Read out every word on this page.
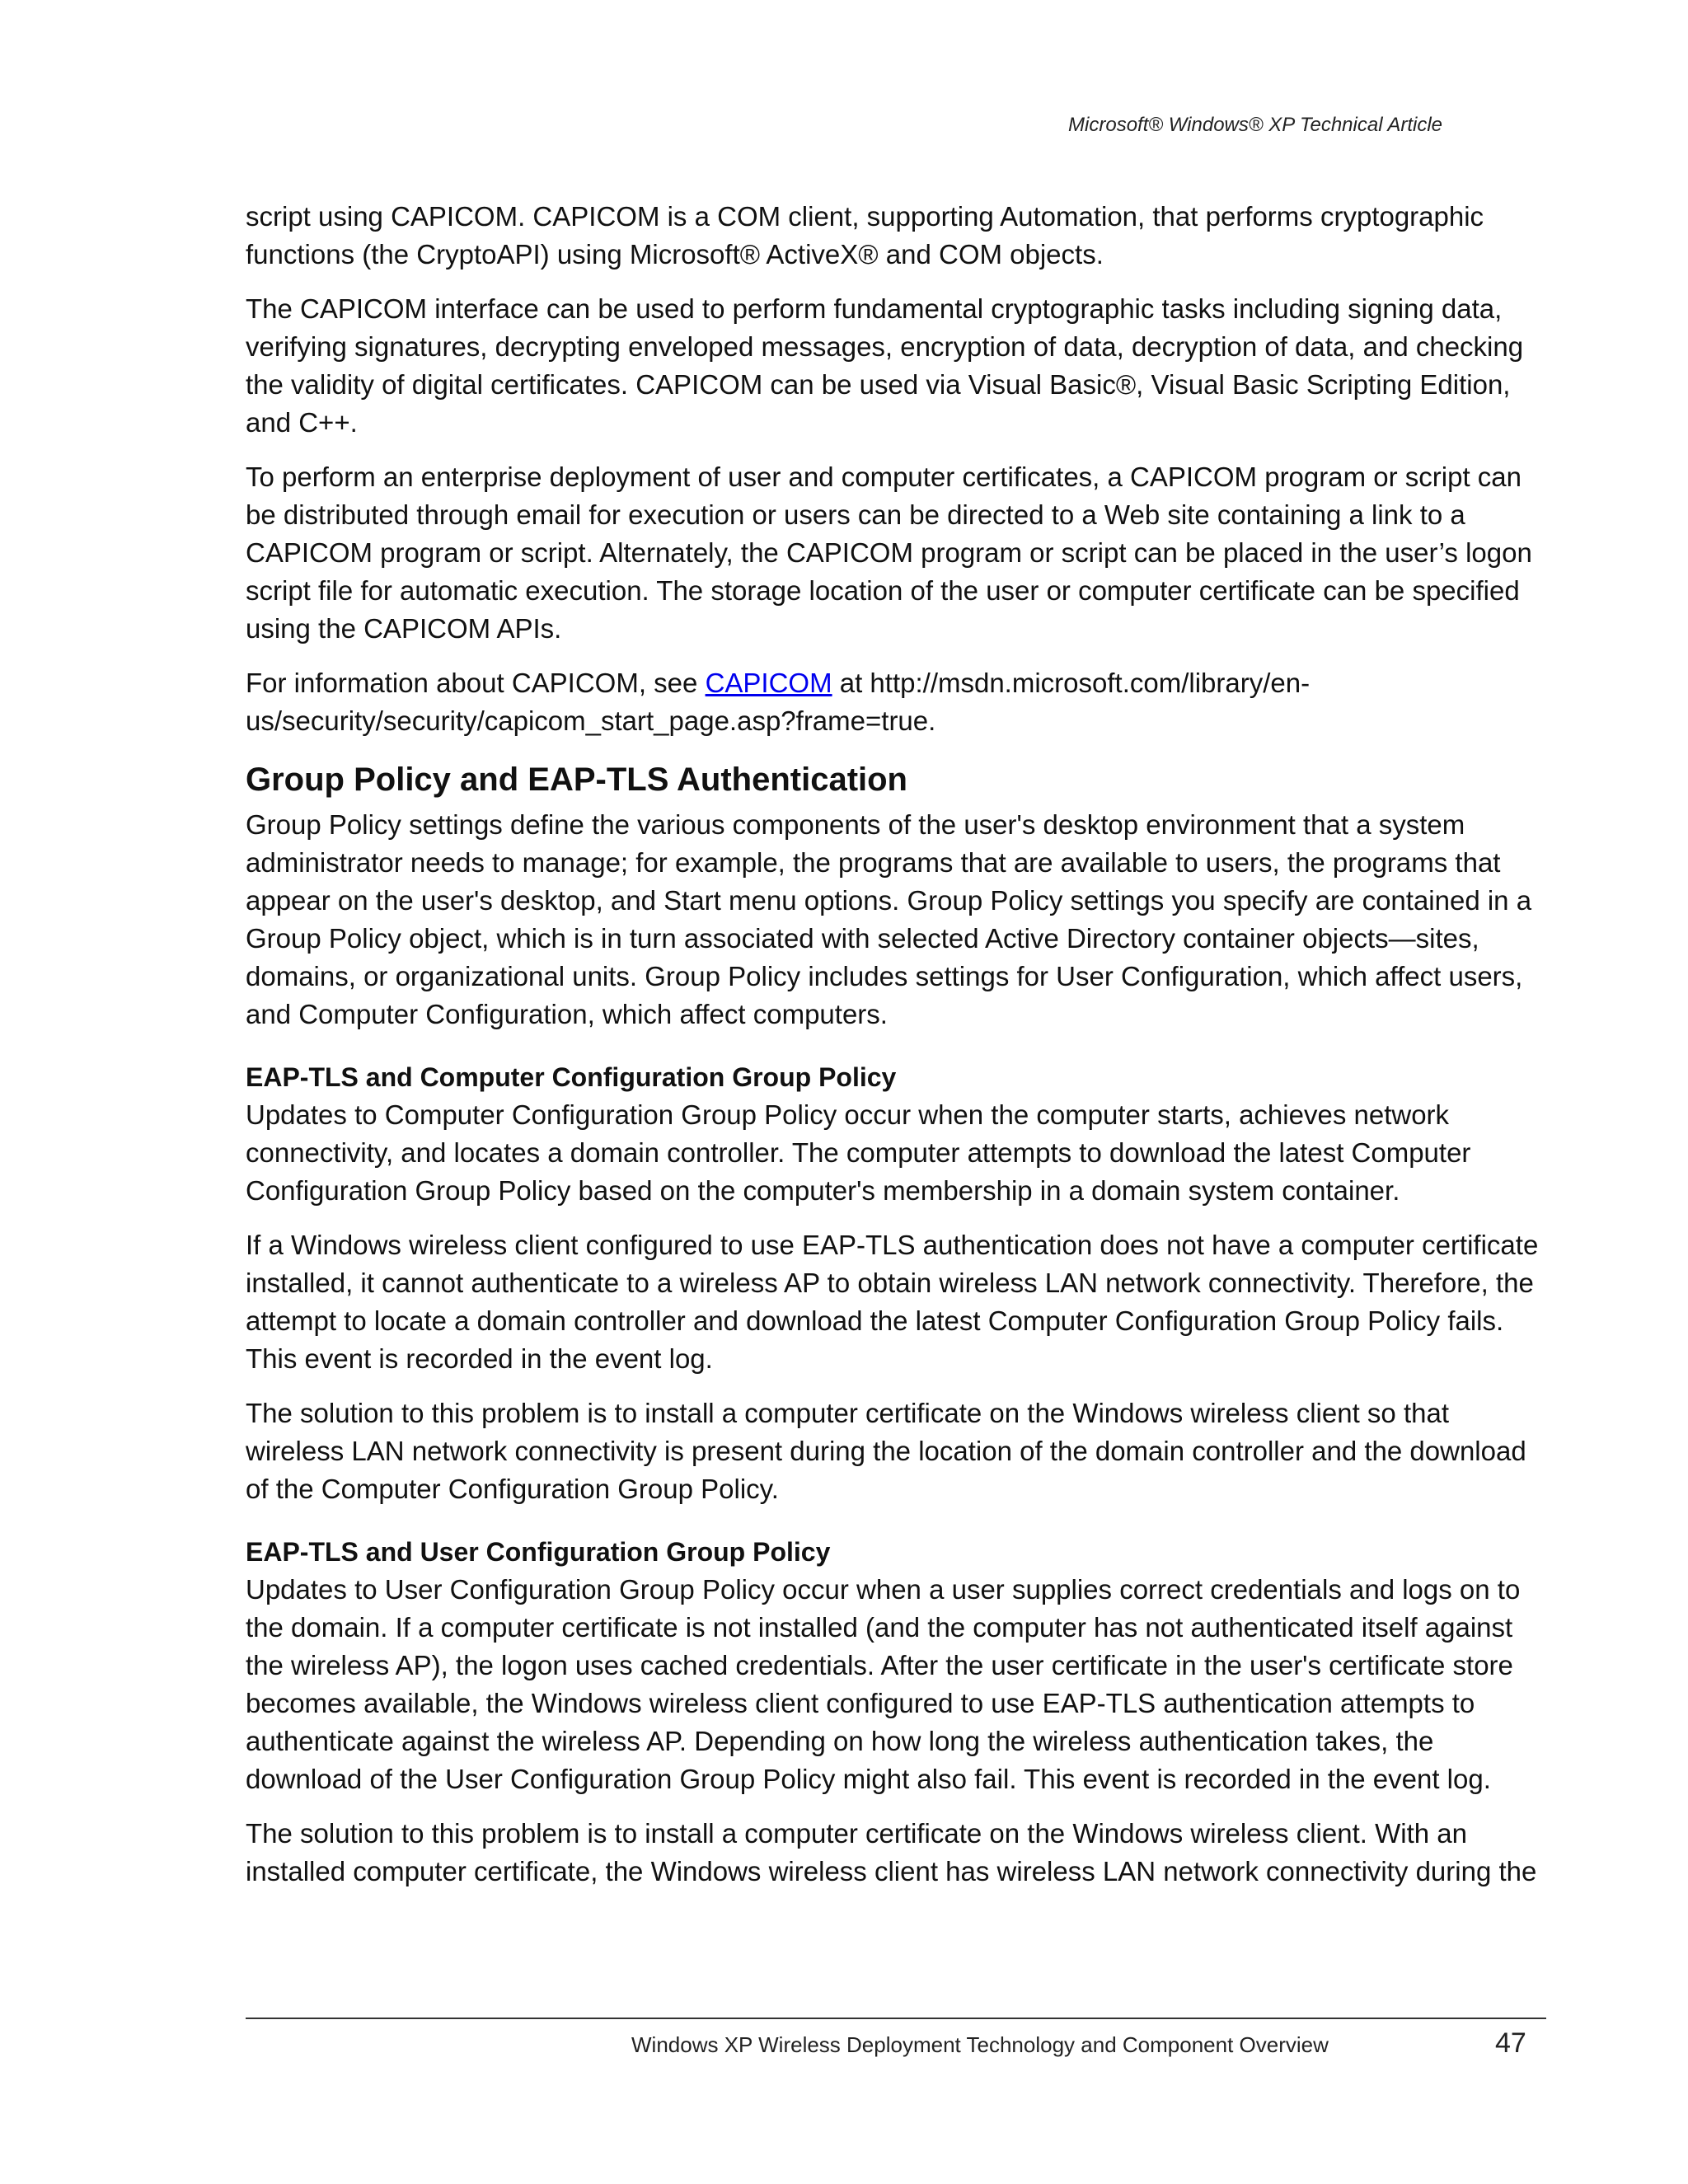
Microsoft® Windows® XP Technical Article

script using CAPICOM. CAPICOM is a COM client, supporting Automation, that performs cryptographic functions (the CryptoAPI) using Microsoft® ActiveX® and COM objects.

The CAPICOM interface can be used to perform fundamental cryptographic tasks including signing data, verifying signatures, decrypting enveloped messages, encryption of data, decryption of data, and checking the validity of digital certificates. CAPICOM can be used via Visual Basic®, Visual Basic Scripting Edition, and C++.

To perform an enterprise deployment of user and computer certificates, a CAPICOM program or script can be distributed through email for execution or users can be directed to a Web site containing a link to a CAPICOM program or script. Alternately, the CAPICOM program or script can be placed in the user’s logon script file for automatic execution. The storage location of the user or computer certificate can be specified using the CAPICOM APIs.

For information about CAPICOM, see CAPICOM at http://msdn.microsoft.com/library/en-us/security/security/capicom_start_page.asp?frame=true.

Group Policy and EAP-TLS Authentication

Group Policy settings define the various components of the user's desktop environment that a system administrator needs to manage; for example, the programs that are available to users, the programs that appear on the user's desktop, and Start menu options. Group Policy settings you specify are contained in a Group Policy object, which is in turn associated with selected Active Directory container objects—sites, domains, or organizational units. Group Policy includes settings for User Configuration, which affect users, and Computer Configuration, which affect computers.

EAP-TLS and Computer Configuration Group Policy

Updates to Computer Configuration Group Policy occur when the computer starts, achieves network connectivity, and locates a domain controller. The computer attempts to download the latest Computer Configuration Group Policy based on the computer's membership in a domain system container.

If a Windows wireless client configured to use EAP-TLS authentication does not have a computer certificate installed, it cannot authenticate to a wireless AP to obtain wireless LAN network connectivity. Therefore, the attempt to locate a domain controller and download the latest Computer Configuration Group Policy fails. This event is recorded in the event log.

The solution to this problem is to install a computer certificate on the Windows wireless client so that wireless LAN network connectivity is present during the location of the domain controller and the download of the Computer Configuration Group Policy.

EAP-TLS and User Configuration Group Policy

Updates to User Configuration Group Policy occur when a user supplies correct credentials and logs on to the domain. If a computer certificate is not installed (and the computer has not authenticated itself against the wireless AP), the logon uses cached credentials. After the user certificate in the user's certificate store becomes available, the Windows wireless client configured to use EAP-TLS authentication attempts to authenticate against the wireless AP. Depending on how long the wireless authentication takes, the download of the User Configuration Group Policy might also fail. This event is recorded in the event log.

The solution to this problem is to install a computer certificate on the Windows wireless client. With an installed computer certificate, the Windows wireless client has wireless LAN network connectivity during the

Windows XP Wireless Deployment Technology and Component Overview	47
